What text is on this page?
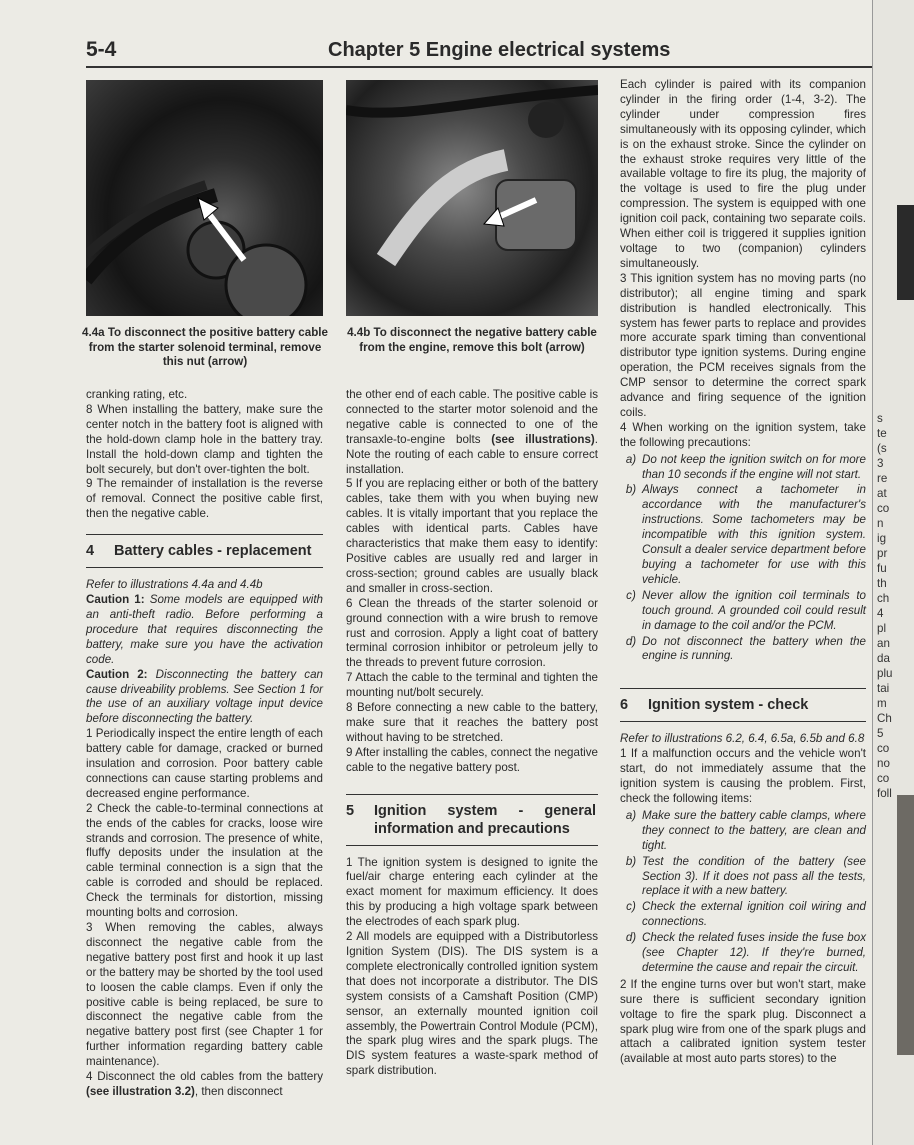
5-4	Chapter 5 Engine electrical systems
4.4a To disconnect the positive battery cable from the starter solenoid terminal, remove this nut (arrow)
4.4b To disconnect the negative battery cable from the engine, remove this bolt (arrow)

cranking rating, etc.

8 When installing the battery, make sure the center notch in the battery foot is aligned with the hold-down clamp hole in the battery tray. Install the hold-down clamp and tighten the bolt securely, but don't over-tighten the bolt.

9 The remainder of installation is the reverse of removal. Connect the positive cable first, then the negative cable.

4 Battery cables - replacement

Refer to illustrations 4.4a and 4.4b

Caution 1: Some models are equipped with an anti-theft radio. Before performing a procedure that requires disconnecting the battery, make sure you have the activation code.

Caution 2: Disconnecting the battery can cause driveability problems. See Section 1 for the use of an auxiliary voltage input device before disconnecting the battery.

1 Periodically inspect the entire length of each battery cable for damage, cracked or burned insulation and corrosion. Poor battery cable connections can cause starting problems and decreased engine performance.

2 Check the cable-to-terminal connections at the ends of the cables for cracks, loose wire strands and corrosion. The presence of white, fluffy deposits under the insulation at the cable terminal connection is a sign that the cable is corroded and should be replaced. Check the terminals for distortion, missing mounting bolts and corrosion.

3 When removing the cables, always disconnect the negative cable from the negative battery post first and hook it up last or the battery may be shorted by the tool used to loosen the cable clamps. Even if only the positive cable is being replaced, be sure to disconnect the negative cable from the negative battery post first (see Chapter 1 for further information regarding battery cable maintenance).

4 Disconnect the old cables from the battery (see illustration 3.2), then disconnect

the other end of each cable. The positive cable is connected to the starter motor solenoid and the negative cable is connected to one of the transaxle-to-engine bolts (see illustrations). Note the routing of each cable to ensure correct installation.

5 If you are replacing either or both of the battery cables, take them with you when buying new cables. It is vitally important that you replace the cables with identical parts. Cables have characteristics that make them easy to identify: Positive cables are usually red and larger in cross-section; ground cables are usually black and smaller in cross-section.

6 Clean the threads of the starter solenoid or ground connection with a wire brush to remove rust and corrosion. Apply a light coat of battery terminal corrosion inhibitor or petroleum jelly to the threads to prevent future corrosion.

7 Attach the cable to the terminal and tighten the mounting nut/bolt securely.

8 Before connecting a new cable to the battery, make sure that it reaches the battery post without having to be stretched.

9 After installing the cables, connect the negative cable to the negative battery post.

5 Ignition system - general information and precautions

1 The ignition system is designed to ignite the fuel/air charge entering each cylinder at the exact moment for maximum efficiency. It does this by producing a high voltage spark between the electrodes of each spark plug.

2 All models are equipped with a Distributorless Ignition System (DIS). The DIS system is a complete electronically controlled ignition system that does not incorporate a distributor. The DIS system consists of a Camshaft Position (CMP) sensor, an externally mounted ignition coil assembly, the Powertrain Control Module (PCM), the spark plug wires and the spark plugs. The DIS system features a waste-spark method of spark distribution.

Each cylinder is paired with its companion cylinder in the firing order (1-4, 3-2). The cylinder under compression fires simultaneously with its opposing cylinder, which is on the exhaust stroke. Since the cylinder on the exhaust stroke requires very little of the available voltage to fire its plug, the majority of the voltage is used to fire the plug under compression. The system is equipped with one ignition coil pack, containing two separate coils. When either coil is triggered it supplies ignition voltage to two (companion) cylinders simultaneously.

3 This ignition system has no moving parts (no distributor); all engine timing and spark distribution is handled electronically. This system has fewer parts to replace and provides more accurate spark timing than conventional distributor type ignition systems. During engine operation, the PCM receives signals from the CMP sensor to determine the correct spark advance and firing sequence of the ignition coils.

4 When working on the ignition system, take the following precautions:

a) Do not keep the ignition switch on for more than 10 seconds if the engine will not start.
b) Always connect a tachometer in accordance with the manufacturer's instructions. Some tachometers may be incompatible with this ignition system. Consult a dealer service department before buying a tachometer for use with this vehicle.
c) Never allow the ignition coil terminals to touch ground. A grounded coil could result in damage to the coil and/or the PCM.
d) Do not disconnect the battery when the engine is running.
6 Ignition system - check

Refer to illustrations 6.2, 6.4, 6.5a, 6.5b and 6.8

1 If a malfunction occurs and the vehicle won't start, do not immediately assume that the ignition system is causing the problem. First, check the following items:

a) Make sure the battery cable clamps, where they connect to the battery, are clean and tight.
b) Test the condition of the battery (see Section 3). If it does not pass all the tests, replace it with a new battery.
c) Check the external ignition coil wiring and connections.
d) Check the related fuses inside the fuse box (see Chapter 12). If they're burned, determine the cause and repair the circuit.

2 If the engine turns over but won't start, make sure there is sufficient secondary ignition voltage to fire the spark plug. Disconnect a spark plug wire from one of the spark plugs and attach a calibrated ignition system tester (available at most auto parts stores) to the

s
te
(s
3
re
at
co
n
ig
pr
fu
th
ch
4
pl
an
da
plu
tai
m
Ch
5
co
no
co
foll
